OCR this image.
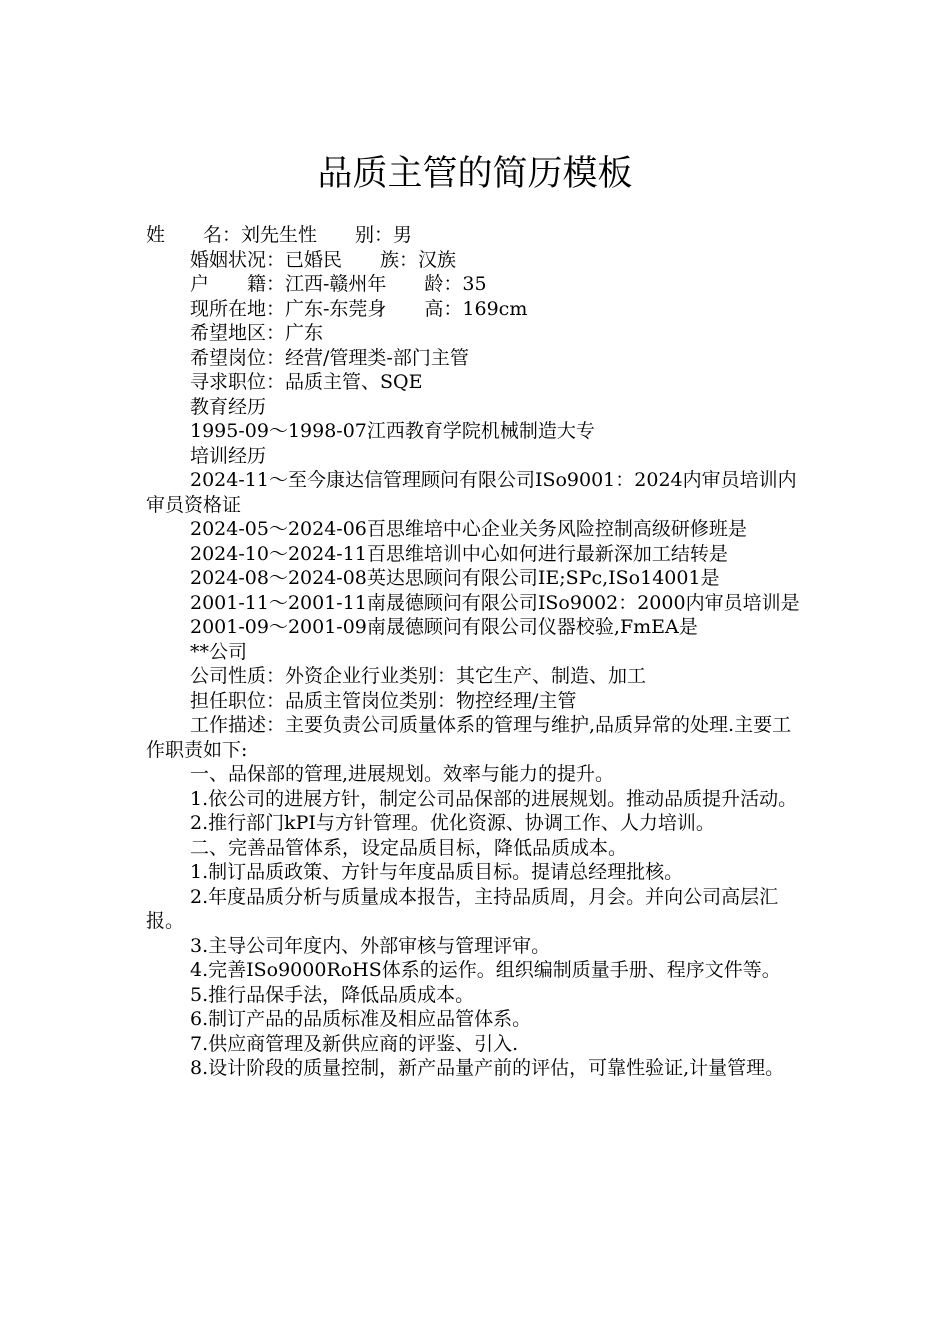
品质主管的简历模板

姓　　名：刘先生性　　别：男

婚姻状况：已婚民　　族：汉族

户　　籍：江西-赣州年　　龄：35

现所在地：广东-东莞身　　高：169cm

希望地区：广东

希望岗位：经营/管理类-部门主管

寻求职位：品质主管、SQE

教育经历

1995-09～1998-07江西教育学院机械制造大专

培训经历

2024-11～至今康达信管理顾问有限公司ISo9001：2024内审员培训内审员资格证

2024-05～2024-06百思维培中心企业关务风险控制高级研修班是

2024-10～2024-11百思维培训中心如何进行最新深加工结转是

2024-08～2024-08英达思顾问有限公司IE;SPc,ISo14001是

2001-11～2001-11南晟德顾问有限公司ISo9002：2000内审员培训是

2001-09～2001-09南晟德顾问有限公司仪器校验,FmEA是

**公司

公司性质：外资企业行业类别：其它生产、制造、加工

担任职位：品质主管岗位类别：物控经理/主管

工作描述：主要负责公司质量体系的管理与维护,品质异常的处理.主要工作职责如下:

一、品保部的管理,进展规划。效率与能力的提升。

1.依公司的进展方针，制定公司品保部的进展规划。推动品质提升活动。

2.推行部门kPI与方针管理。优化资源、协调工作、人力培训。

二、完善品管体系，设定品质目标，降低品质成本。

1.制订品质政策、方针与年度品质目标。提请总经理批核。

2.年度品质分析与质量成本报告，主持品质周，月会。并向公司高层汇报。

3.主导公司年度内、外部审核与管理评审。

4.完善ISo9000RoHS体系的运作。组织编制质量手册、程序文件等。

5.推行品保手法，降低品质成本。

6.制订产品的品质标准及相应品管体系。

7.供应商管理及新供应商的评鉴、引入.

8.设计阶段的质量控制，新产品量产前的评估，可靠性验证,计量管理。
